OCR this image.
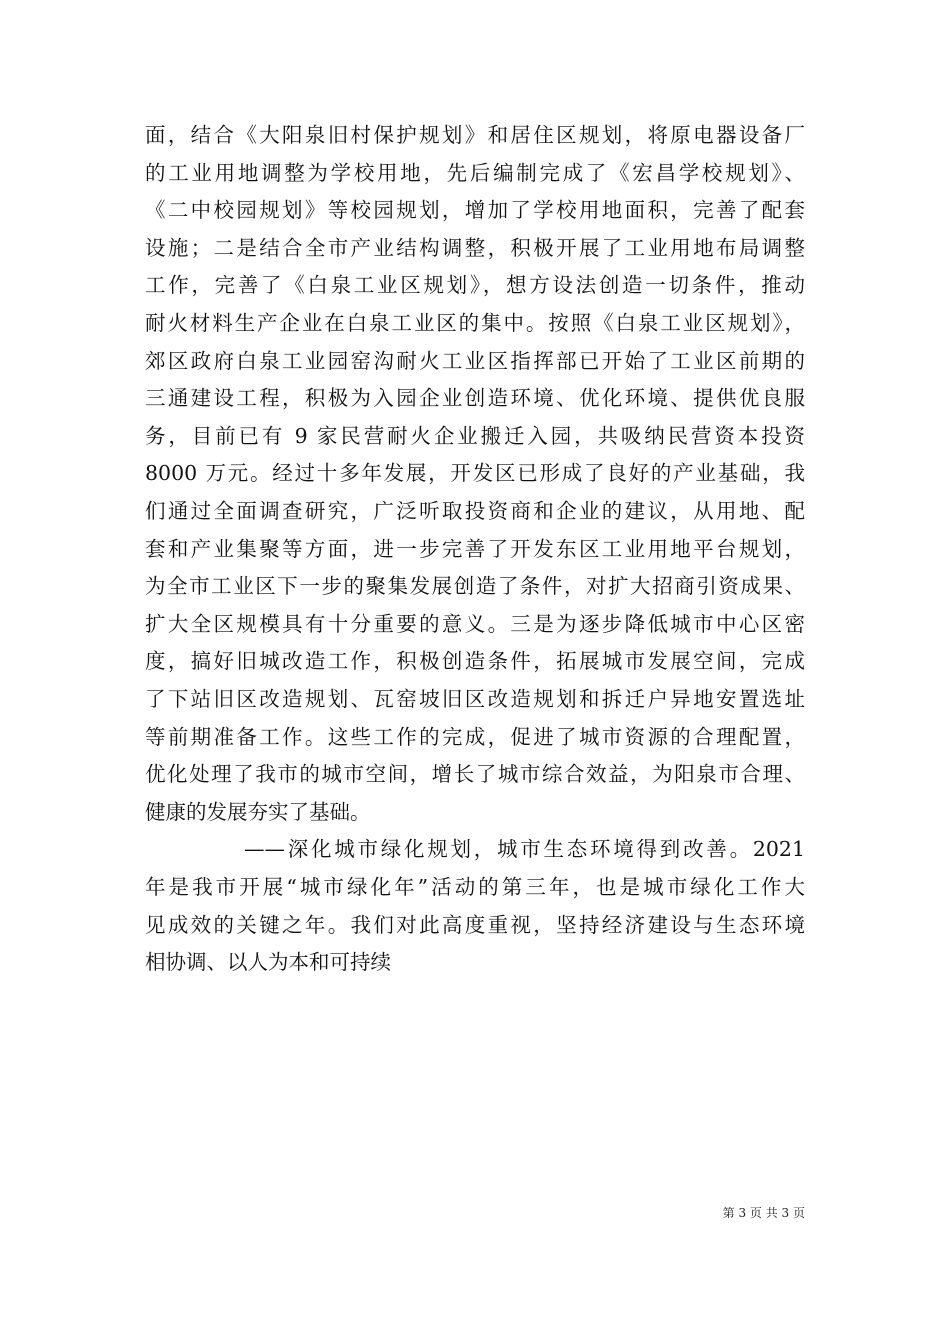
面，结合《大阳泉旧村保护规划》和居住区规划，将原电器设备厂
的工业用地调整为学校用地，先后编制完成了《宏昌学校规划》、
《二中校园规划》等校园规划，增加了学校用地面积，完善了配套
设施；二是结合全市产业结构调整，积极开展了工业用地布局调整
工作，完善了《白泉工业区规划》，想方设法创造一切条件，推动
耐火材料生产企业在白泉工业区的集中。按照《白泉工业区规划》，
郊区政府白泉工业园窑沟耐火工业区指挥部已开始了工业区前期的
三通建设工程，积极为入园企业创造环境、优化环境、提供优良服
务，目前已有 9 家民营耐火企业搬迁入园，共吸纳民营资本投资
8000 万元。经过十多年发展，开发区已形成了良好的产业基础，我
们通过全面调查研究，广泛听取投资商和企业的建议，从用地、配
套和产业集聚等方面，进一步完善了开发东区工业用地平台规划，
为全市工业区下一步的聚集发展创造了条件，对扩大招商引资成果、
扩大全区规模具有十分重要的意义。三是为逐步降低城市中心区密
度，搞好旧城改造工作，积极创造条件，拓展城市发展空间，完成
了下站旧区改造规划、瓦窑坡旧区改造规划和拆迁户异地安置选址
等前期准备工作。这些工作的完成，促进了城市资源的合理配置，
优化处理了我市的城市空间，增长了城市综合效益，为阳泉市合理、
健康的发展夯实了基础。
——深化城市绿化规划，城市生态环境得到改善。2021
年是我市开展“城市绿化年”活动的第三年，也是城市绿化工作大
见成效的关键之年。我们对此高度重视，坚持经济建设与生态环境
相协调、以人为本和可持续
第 3 页 共 3 页
